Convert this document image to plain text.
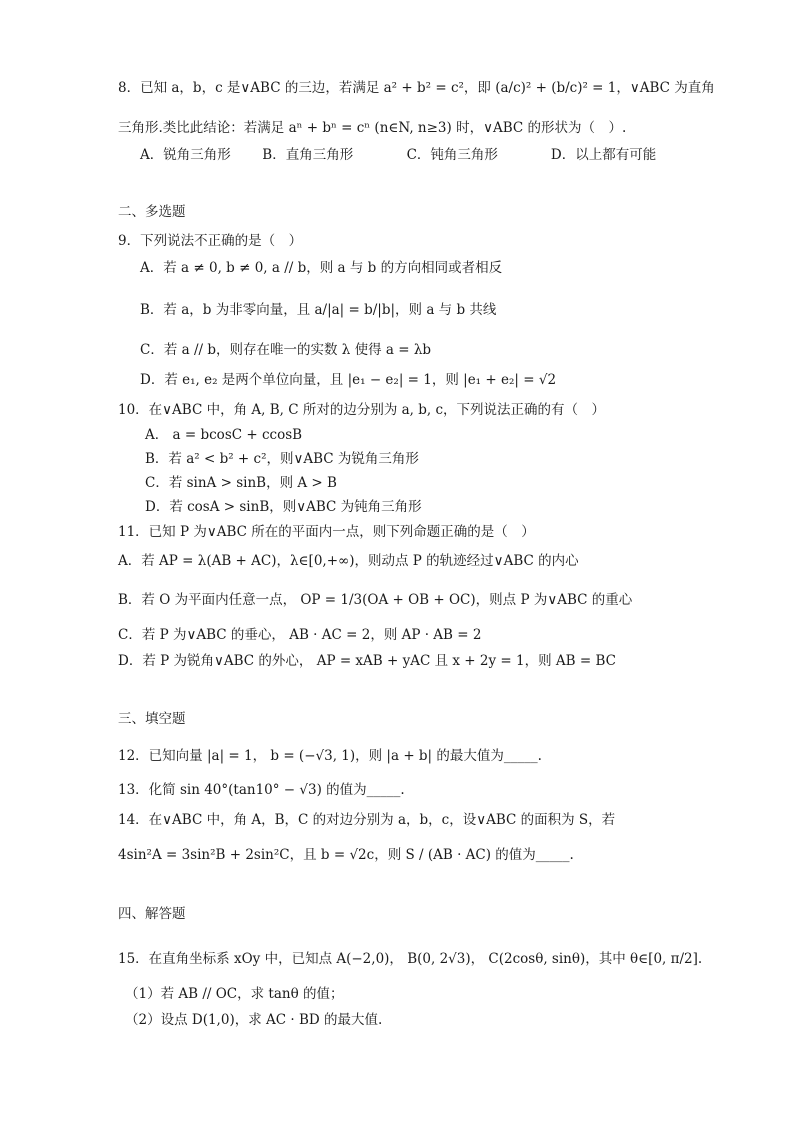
8．已知 a，b，c 是∨ABC 的三边，若满足 a² + b² = c²，即 (a/c)² + (b/c)² = 1，∨ABC 为直角
三角形.类比此结论：若满足 aⁿ + bⁿ = cⁿ (n∈N, n≥3) 时，∨ABC 的形状为（　）.
A．锐角三角形 B．直角三角形	C．钝角三角形	D．以上都有可能
二、多选题
9．下列说法不正确的是（　）
A．若 a ≠ 0, b ≠ 0, a // b，则 a 与 b 的方向相同或者相反
B．若 a，b 为非零向量，且 a/|a| = b/|b|，则 a 与 b 共线
C．若 a // b，则存在唯一的实数 λ 使得 a = λb
D．若 e₁, e₂ 是两个单位向量，且 |e₁ − e₂| = 1，则 |e₁ + e₂| = √2
10．在∨ABC 中，角 A, B, C 所对的边分别为 a, b, c，下列说法正确的有（　）
A． a = bcosC + ccosB
B．若 a² < b² + c²，则∨ABC 为锐角三角形
C．若 sinA > sinB，则 A > B
D．若 cosA > sinB，则∨ABC 为钝角三角形
11．已知 P 为∨ABC 所在的平面内一点，则下列命题正确的是（　）
A．若 AP = λ(AB + AC)，λ∈[0,+∞)，则动点 P 的轨迹经过∨ABC 的内心
B．若 O 为平面内任意一点， OP = 1/3(OA + OB + OC)，则点 P 为∨ABC 的重心
C．若 P 为∨ABC 的垂心， AB · AC = 2，则 AP · AB = 2
D．若 P 为锐角∨ABC 的外心， AP = xAB + yAC 且 x + 2y = 1，则 AB = BC
三、填空题
12．已知向量 |a| = 1， b = (−√3, 1)，则 |a + b| 的最大值为_____.
13．化简 sin 40°(tan10° − √3) 的值为_____.
14．在∨ABC 中，角 A，B，C 的对边分别为 a，b，c，设∨ABC 的面积为 S，若
4sin²A = 3sin²B + 2sin²C，且 b = √2c，则 S / (AB · AC) 的值为_____.
四、解答题
15．在直角坐标系 xOy 中，已知点 A(−2,0)， B(0, 2√3)， C(2cosθ, sinθ)，其中 θ∈[0, π/2].
（1）若 AB // OC，求 tanθ 的值；
（2）设点 D(1,0)，求 AC · BD 的最大值.
